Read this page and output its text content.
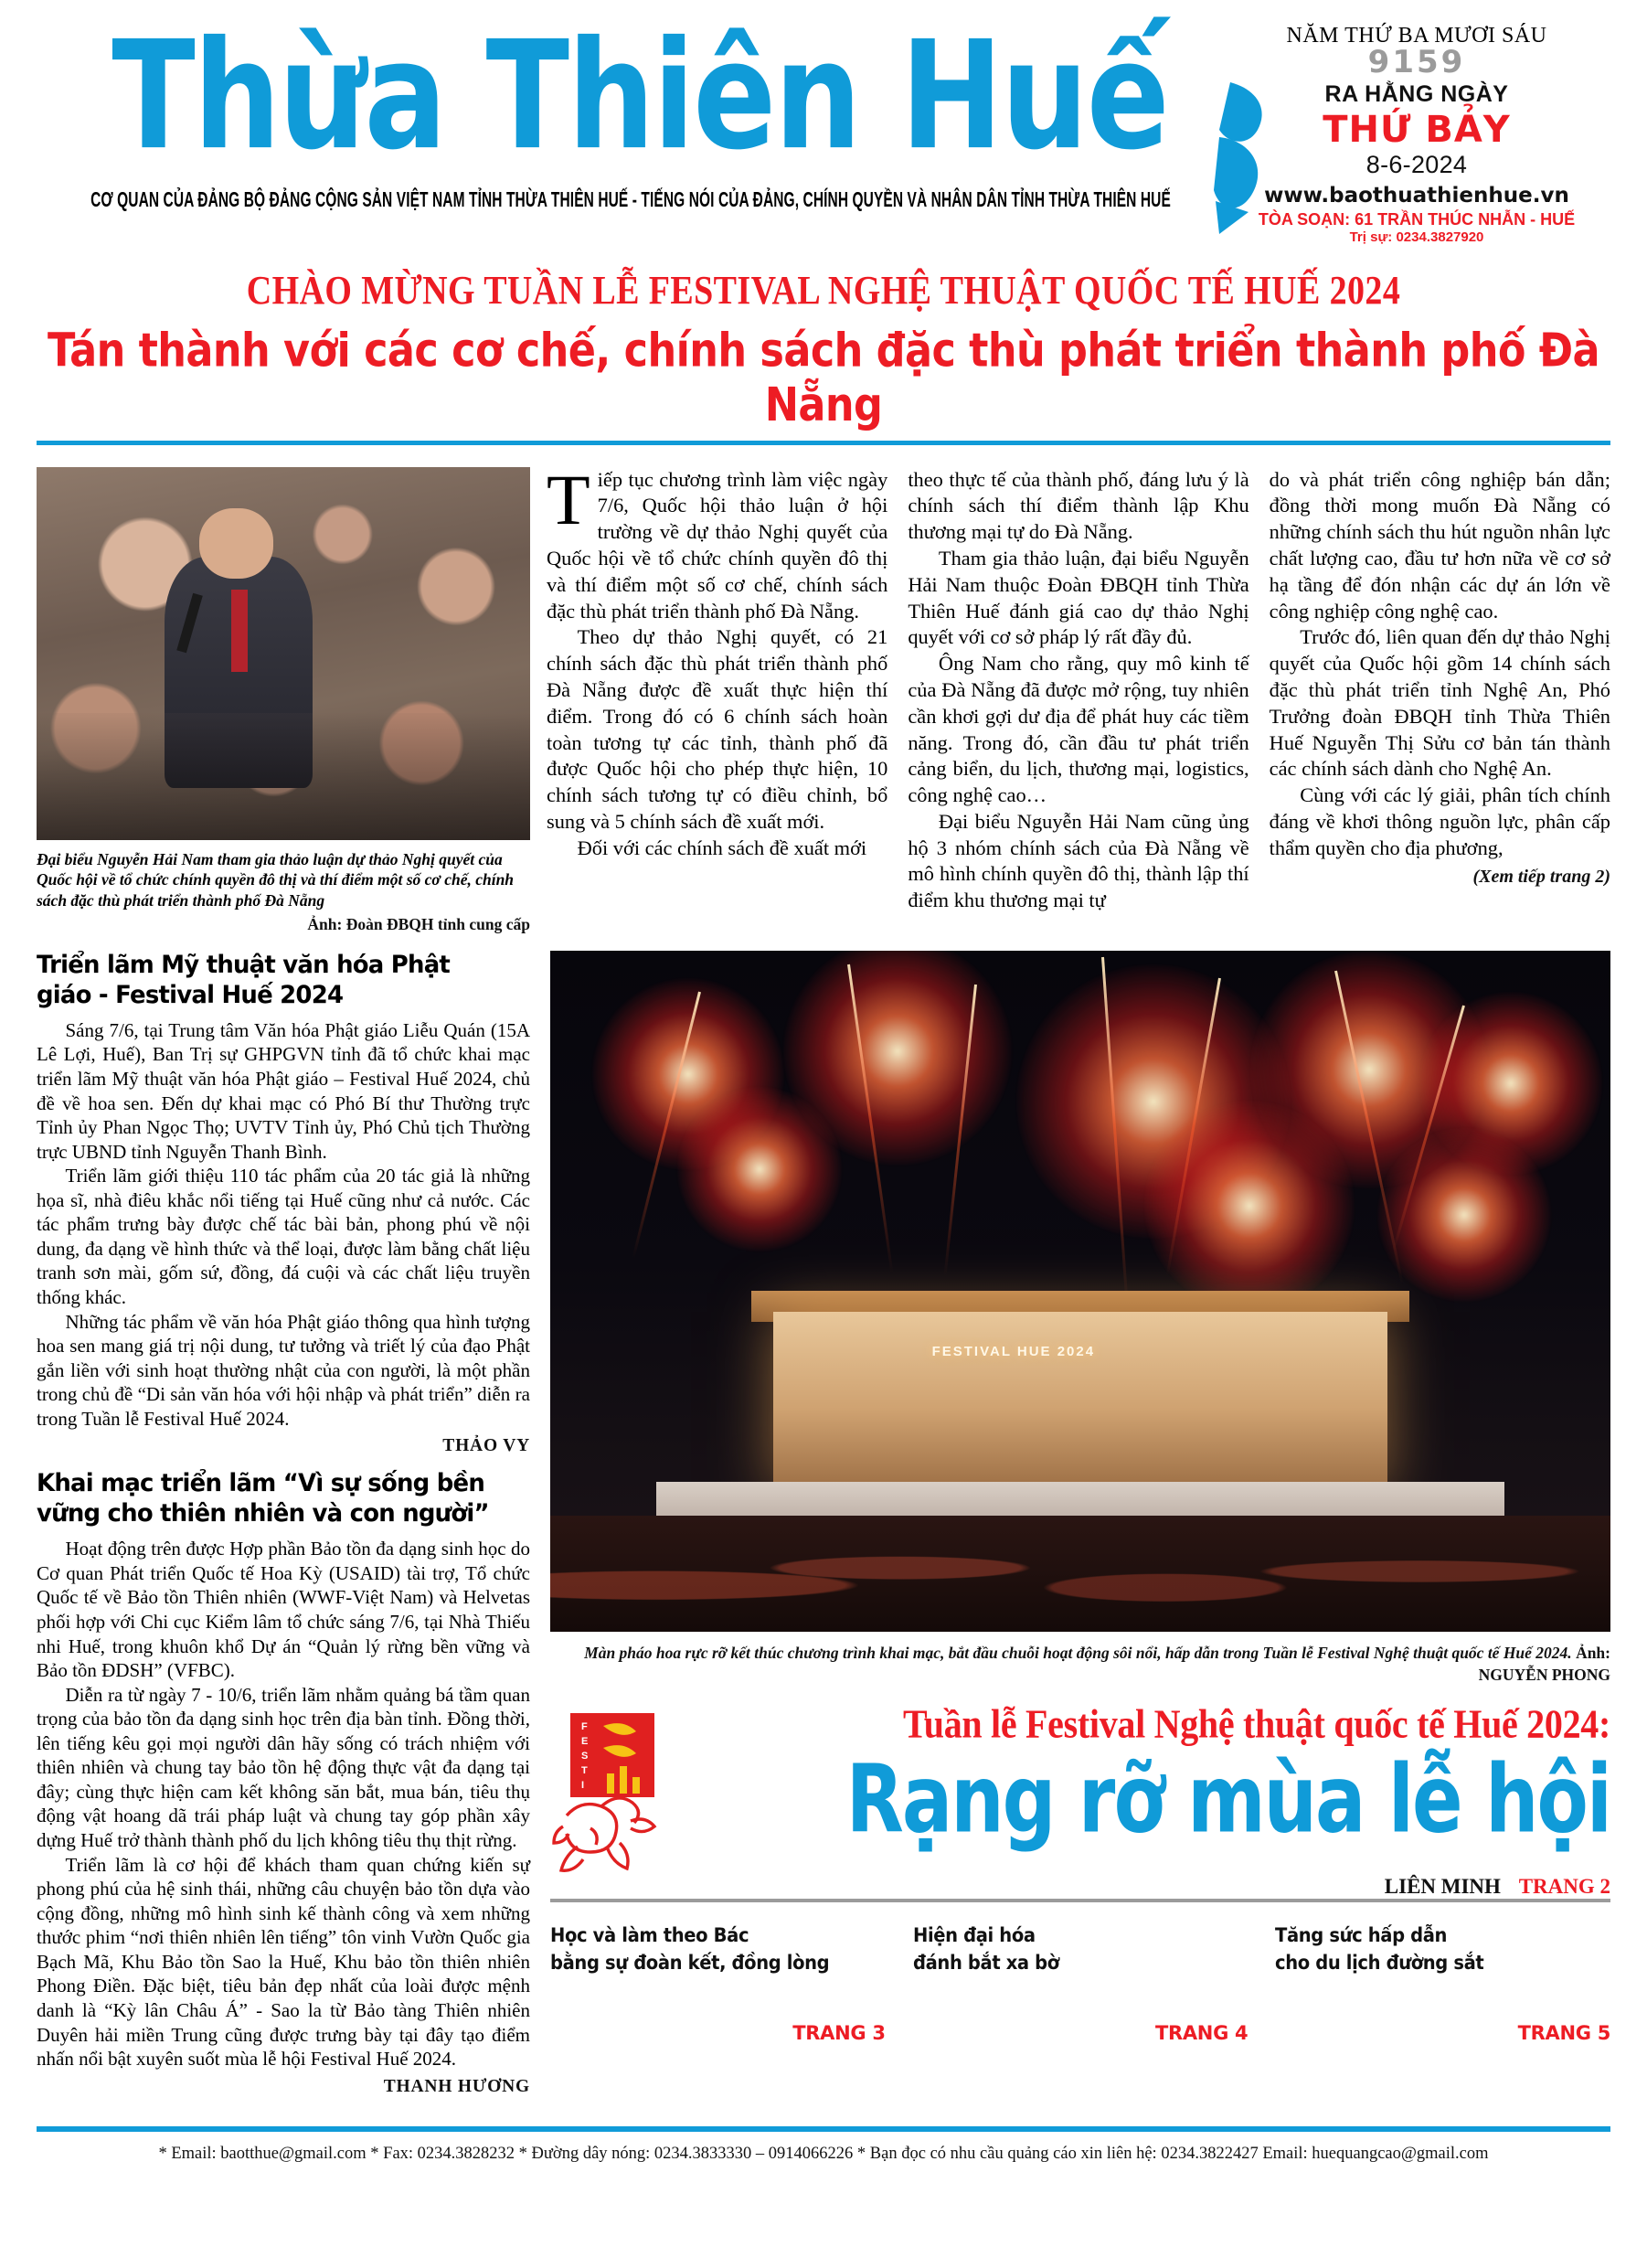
Thừa Thiên Huế
CƠ QUAN CỦA ĐẢNG BỘ ĐẢNG CỘNG SẢN VIỆT NAM TỈNH THỪA THIÊN HUẾ - TIẾNG NÓI CỦA ĐẢNG, CHÍNH QUYỀN VÀ NHÂN DÂN TỈNH THỪA THIÊN HUẾ
NĂM THỨ BA MƯƠI SÁU
9159
RA HẰNG NGÀY
THỨ BẢY
8-6-2024
www.baothuathienhue.vn
TÒA SOẠN: 61 TRẦN THÚC NHẪN - HUẾ
Trị sự: 0234.3827920
CHÀO MỪNG TUẦN LỄ FESTIVAL NGHỆ THUẬT QUỐC TẾ HUẾ 2024
Tán thành với các cơ chế, chính sách đặc thù phát triển thành phố Đà Nẵng
Đại biểu Nguyễn Hải Nam tham gia thảo luận dự thảo Nghị quyết của Quốc hội về tổ chức chính quyền đô thị và thí điểm một số cơ chế, chính sách đặc thù phát triển thành phố Đà Nẵng
Ảnh: Đoàn ĐBQH tỉnh cung cấp

Tiếp tục chương trình làm việc ngày 7/6, Quốc hội thảo luận ở hội trường về dự thảo Nghị quyết của Quốc hội về tổ chức chính quyền đô thị và thí điểm một số cơ chế, chính sách đặc thù phát triển thành phố Đà Nẵng.

Theo dự thảo Nghị quyết, có 21 chính sách đặc thù phát triển thành phố Đà Nẵng được đề xuất thực hiện thí điểm. Trong đó có 6 chính sách hoàn toàn tương tự các tỉnh, thành phố đã được Quốc hội cho phép thực hiện, 10 chính sách tương tự có điều chỉnh, bổ sung và 5 chính sách đề xuất mới.

Đối với các chính sách đề xuất mới

theo thực tế của thành phố, đáng lưu ý là chính sách thí điểm thành lập Khu thương mại tự do Đà Nẵng.

Tham gia thảo luận, đại biểu Nguyễn Hải Nam thuộc Đoàn ĐBQH tỉnh Thừa Thiên Huế đánh giá cao dự thảo Nghị quyết với cơ sở pháp lý rất đầy đủ.

Ông Nam cho rằng, quy mô kinh tế của Đà Nẵng đã được mở rộng, tuy nhiên cần khơi gợi dư địa để phát huy các tiềm năng. Trong đó, cần đầu tư phát triển cảng biển, du lịch, thương mại, logistics, công nghệ cao…

Đại biểu Nguyễn Hải Nam cũng ủng hộ 3 nhóm chính sách của Đà Nẵng về mô hình chính quyền đô thị, thành lập thí điểm khu thương mại tự

do và phát triển công nghiệp bán dẫn; đồng thời mong muốn Đà Nẵng có những chính sách thu hút nguồn nhân lực chất lượng cao, đầu tư hơn nữa về cơ sở hạ tầng để đón nhận các dự án lớn về công nghiệp công nghệ cao.

Trước đó, liên quan đến dự thảo Nghị quyết của Quốc hội gồm 14 chính sách đặc thù phát triển tỉnh Nghệ An, Phó Trưởng đoàn ĐBQH tỉnh Thừa Thiên Huế Nguyễn Thị Sửu cơ bản tán thành các chính sách dành cho Nghệ An.

Cùng với các lý giải, phân tích chính đáng về khơi thông nguồn lực, phân cấp thẩm quyền cho địa phương,

(Xem tiếp trang 2)
Triển lãm Mỹ thuật văn hóa Phật giáo - Festival Huế 2024

Sáng 7/6, tại Trung tâm Văn hóa Phật giáo Liễu Quán (15A Lê Lợi, Huế), Ban Trị sự GHPGVN tỉnh đã tổ chức khai mạc triển lãm Mỹ thuật văn hóa Phật giáo – Festival Huế 2024, chủ đề về hoa sen. Đến dự khai mạc có Phó Bí thư Thường trực Tỉnh ủy Phan Ngọc Thọ; UVTV Tỉnh ủy, Phó Chủ tịch Thường trực UBND tỉnh Nguyễn Thanh Bình.

Triển lãm giới thiệu 110 tác phẩm của 20 tác giả là những họa sĩ, nhà điêu khắc nổi tiếng tại Huế cũng như cả nước. Các tác phẩm trưng bày được chế tác bài bản, phong phú về nội dung, đa dạng về hình thức và thể loại, được làm bằng chất liệu tranh sơn mài, gốm sứ, đồng, đá cuội và các chất liệu truyền thống khác.

Những tác phẩm về văn hóa Phật giáo thông qua hình tượng hoa sen mang giá trị nội dung, tư tưởng và triết lý của đạo Phật gắn liền với sinh hoạt thường nhật của con người, là một phần trong chủ đề “Di sản văn hóa với hội nhập và phát triển” diễn ra trong Tuần lễ Festival Huế 2024.

THẢO VY
Khai mạc triển lãm “Vì sự sống bền vững cho thiên nhiên và con người”

Hoạt động trên được Hợp phần Bảo tồn đa dạng sinh học do Cơ quan Phát triển Quốc tế Hoa Kỳ (USAID) tài trợ, Tổ chức Quốc tế về Bảo tồn Thiên nhiên (WWF-Việt Nam) và Helvetas phối hợp với Chi cục Kiểm lâm tổ chức sáng 7/6, tại Nhà Thiếu nhi Huế, trong khuôn khổ Dự án “Quản lý rừng bền vững và Bảo tồn ĐDSH” (VFBC).

Diễn ra từ ngày 7 - 10/6, triển lãm nhằm quảng bá tầm quan trọng của bảo tồn đa dạng sinh học trên địa bàn tỉnh. Đồng thời, lên tiếng kêu gọi mọi người dân hãy sống có trách nhiệm với thiên nhiên và chung tay bảo tồn hệ động thực vật đa dạng tại đây; cùng thực hiện cam kết không săn bắt, mua bán, tiêu thụ động vật hoang dã trái pháp luật và chung tay góp phần xây dựng Huế trở thành thành phố du lịch không tiêu thụ thịt rừng.

Triển lãm là cơ hội để khách tham quan chứng kiến sự phong phú của hệ sinh thái, những câu chuyện bảo tồn dựa vào cộng đồng, những mô hình sinh kế thành công và xem những thước phim “nơi thiên nhiên lên tiếng” tôn vinh Vườn Quốc gia Bạch Mã, Khu Bảo tồn Sao la Huế, Khu bảo tồn thiên nhiên Phong Điền. Đặc biệt, tiêu bản đẹp nhất của loài được mệnh danh là “Kỳ lân Châu Á” - Sao la từ Bảo tàng Thiên nhiên Duyên hải miền Trung cũng được trưng bày tại đây tạo điểm nhấn nổi bật xuyên suốt mùa lễ hội Festival Huế 2024.

THANH HƯƠNG
FESTIVAL HUE 2024
Màn pháo hoa rực rỡ kết thúc chương trình khai mạc, bắt đầu chuỗi hoạt động sôi nổi, hấp dẫn trong Tuần lễ Festival Nghệ thuật quốc tế Huế 2024. Ảnh: NGUYỄN PHONG
F
E
S
T
I
Tuần lễ Festival Nghệ thuật quốc tế Huế 2024:
Rạng rỡ mùa lễ hội
LIÊN MINH TRANG 2
Học và làm theo Bác
bằng sự đoàn kết, đồng lòng
TRANG 3
Hiện đại hóa
đánh bắt xa bờ
TRANG 4
Tăng sức hấp dẫn
cho du lịch đường sắt
TRANG 5
* Email: baotthue@gmail.com * Fax: 0234.3828232 * Đường dây nóng: 0234.3833330 – 0914066226 * Bạn đọc có nhu cầu quảng cáo xin liên hệ: 0234.3822427 Email: huequangcao@gmail.com
